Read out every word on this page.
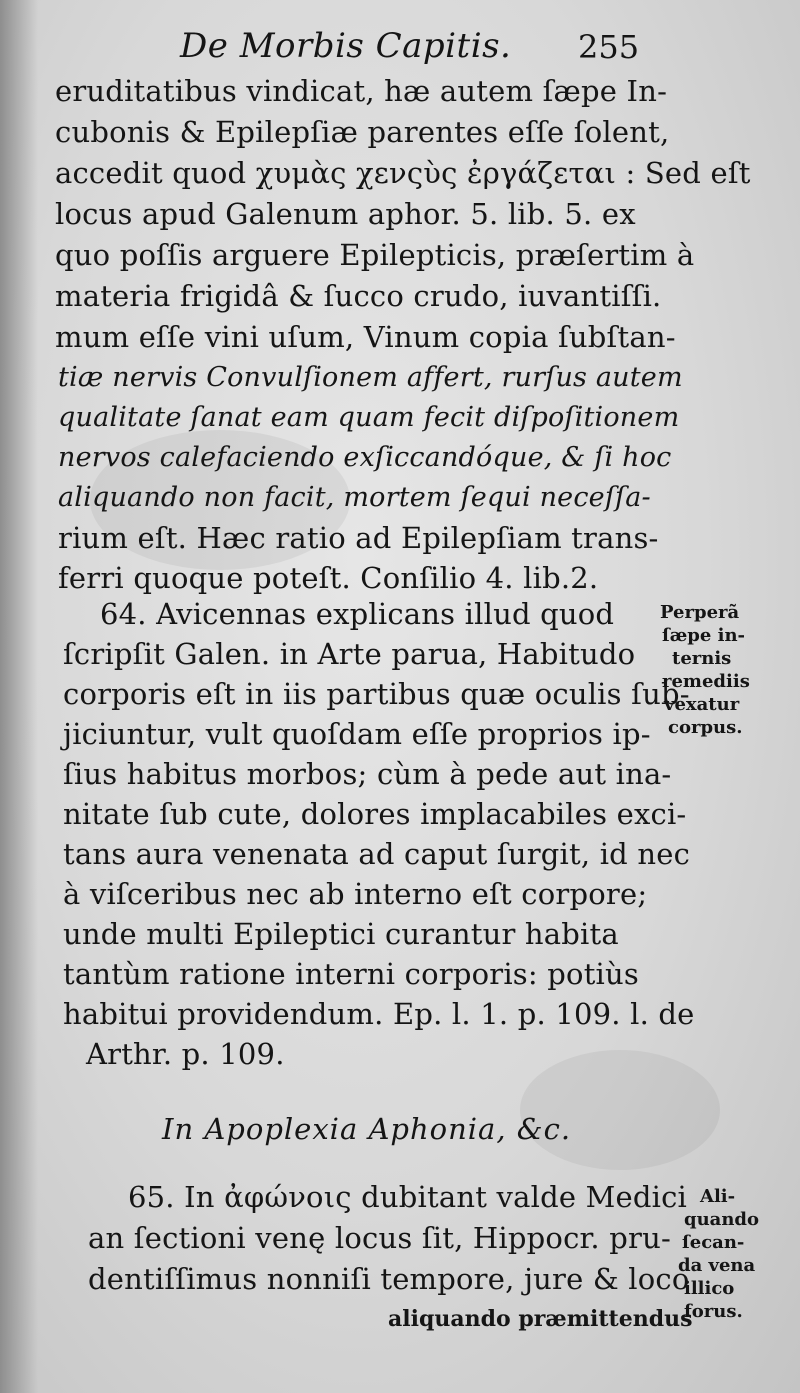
De Morbis Capitis. 255
eruditatibus vindicat, hæ autem ſæpe In-
cubonis & Epilepſiæ parentes eſſe ſolent,
accedit quod χυμὰς χενςὺς ἐργάζεται : Sed eſt
locus apud Galenum aphor. 5. lib. 5. ex
quo poſſis arguere Epilepticis, præſertim à
materia frigidâ & ſucco crudo, iuvantiſſi.
mum eſſe vini uſum, Vinum copia ſubſtan-
tiæ nervis Convulſionem affert, rurſus autem
qualitate ſanat eam quam fecit diſpoſitionem
nervos calefaciendo exſiccandóque, & ſi hoc
aliquando non facit, mortem ſequi neceſſa-
rium eſt. Hæc ratio ad Epilepſiam trans-
ferri quoque poteſt. Conſilio 4. lib.2.
64. Avicennas explicans illud quod
ſcripſit Galen. in Arte parua, Habitudo
corporis eſt in iis partibus quæ oculis ſub-
jiciuntur, vult quoſdam eſſe proprios ip-
ſius habitus morbos; cùm à pede aut ina-
nitate ſub cute, dolores implacabiles exci-
tans aura venenata ad caput ſurgit, id nec
à viſceribus nec ab interno eſt corpore;
unde multi Epileptici curantur habita
tantùm ratione interni corporis: potiùs
habitui providendum. Ep. l. 1. p. 109. l. de
Arthr. p. 109.
Perperã
ſæpe in-
ternis
remediis
vexatur
corpus.
In Apoplexia Aphonia, &c.
65. In ἀφώνοις dubitant valde Medici
an ſectioni venę locus ſit, Hippocr. pru-
dentiſſimus nonniſi tempore, jure & loco
aliquando præmittendus
Ali-
quando
ſecan-
da vena
illico
forus.
